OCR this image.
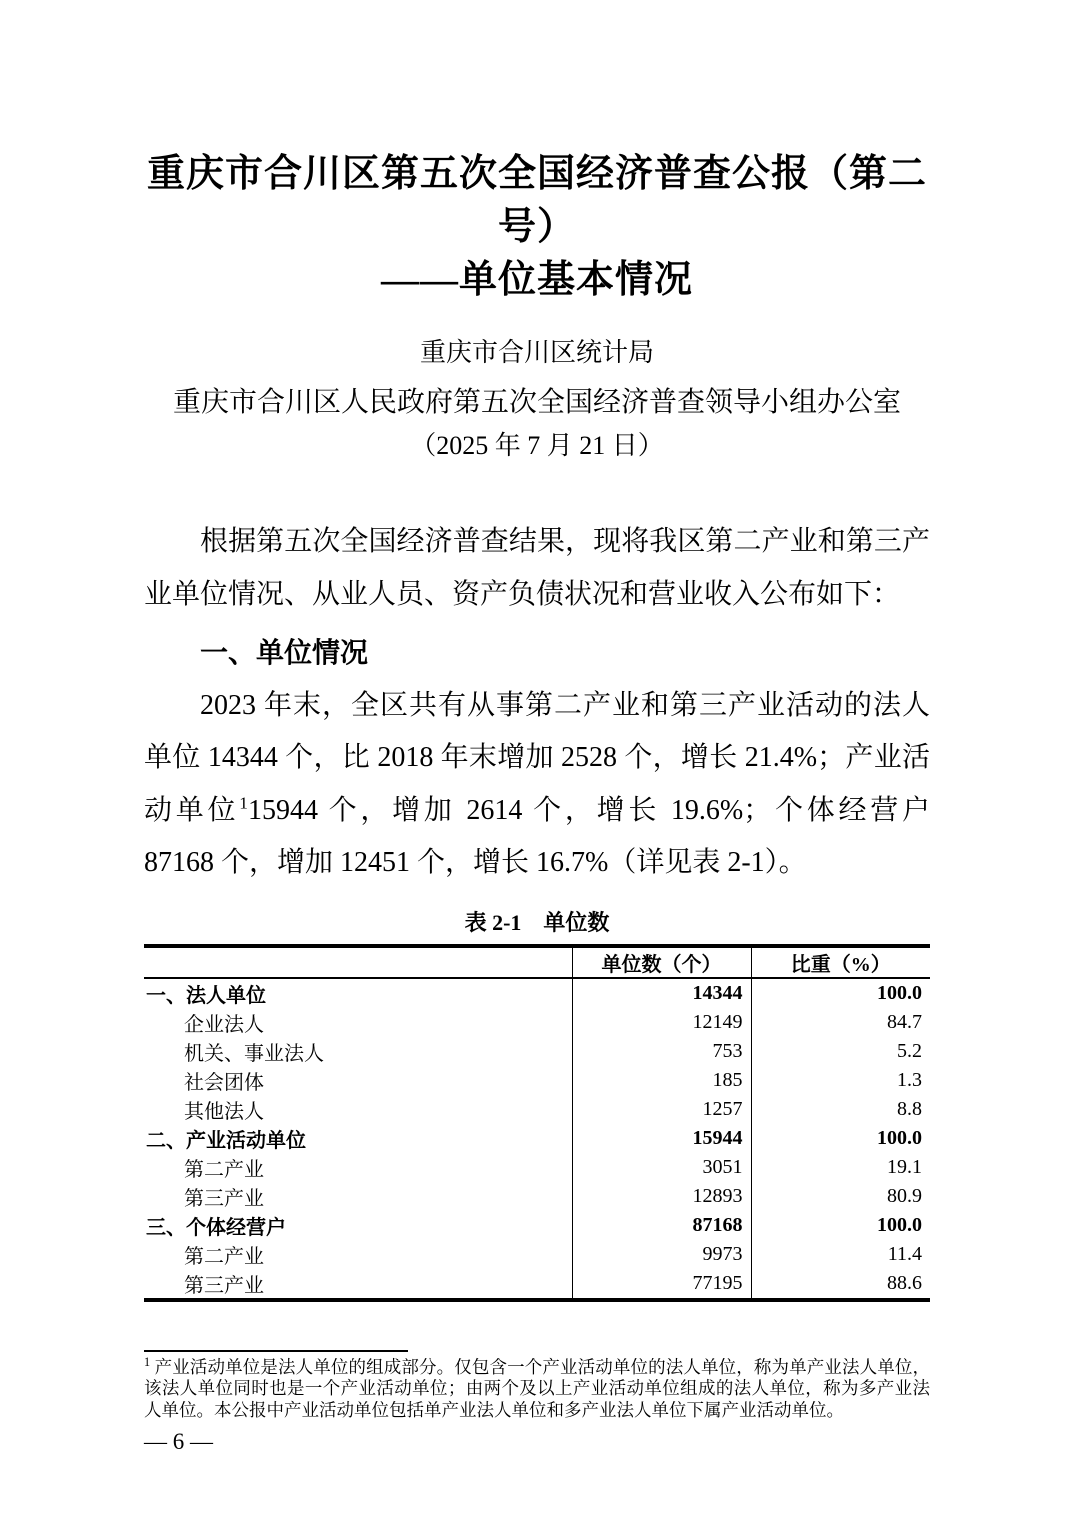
重庆市合川区第五次全国经济普查公报（第二号）
——单位基本情况
重庆市合川区统计局
重庆市合川区人民政府第五次全国经济普查领导小组办公室
（2025 年 7 月 21 日）

根据第五次全国经济普查结果，现将我区第二产业和第三产业单位情况、从业人员、资产负债状况和营业收入公布如下：

一、单位情况

2023 年末，全区共有从事第二产业和第三产业活动的法人单位 14344 个，比 2018 年末增加 2528 个，增长 21.4%；产业活动单位$^1$15944 个，增加 2614 个，增长 19.6%；个体经营户 87168 个，增加 12451 个，增长 16.7%（详见表 2-1）。

表 2-1　单位数
	单位数（个）	比重（%）
一、法人单位	14344	100.0
企业法人	12149	84.7
机关、事业法人	753	5.2
社会团体	185	1.3
其他法人	1257	8.8
二、产业活动单位	15944	100.0
第二产业	3051	19.1
第三产业	12893	80.9
三、个体经营户	87168	100.0
第二产业	9973	11.4
第三产业	77195	88.6

$^1$ 产业活动单位是法人单位的组成部分。仅包含一个产业活动单位的法人单位，称为单产业法人单位，该法人单位同时也是一个产业活动单位；由两个及以上产业活动单位组成的法人单位，称为多产业法人单位。本公报中产业活动单位包括单产业法人单位和多产业法人单位下属产业活动单位。

— 6 —
